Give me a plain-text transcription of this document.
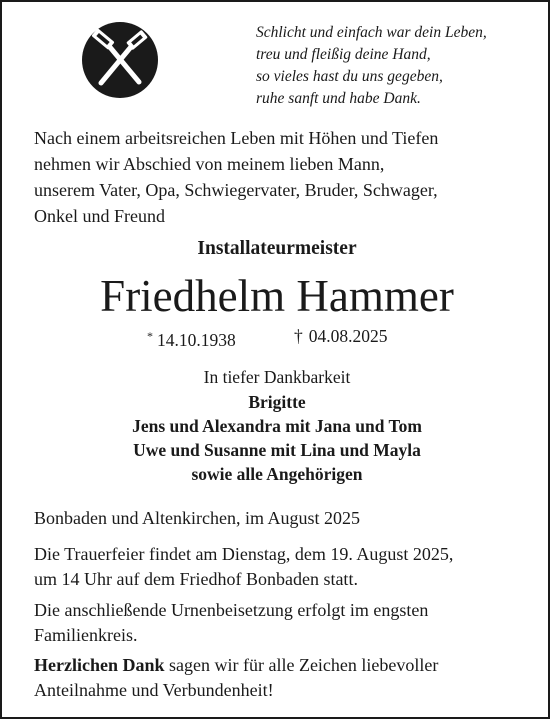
Schlicht und einfach war dein Leben,
treu und fleißig deine Hand,
so vieles hast du uns gegeben,
ruhe sanft und habe Dank.
Nach einem arbeitsreichen Leben mit Höhen und Tiefen
nehmen wir Abschied von meinem lieben Mann,
unserem Vater, Opa, Schwiegervater, Bruder, Schwager,
Onkel und Freund
Installateurmeister
Friedhelm Hammer
* 14.10.1938	† 04.08.2025
In tiefer Dankbarkeit
Brigitte
Jens und Alexandra mit Jana und Tom
Uwe und Susanne mit Lina und Mayla
sowie alle Angehörigen
Bonbaden und Altenkirchen, im August 2025
Die Trauerfeier findet am Dienstag, dem 19. August 2025,
um 14 Uhr auf dem Friedhof Bonbaden statt.
Die anschließende Urnenbeisetzung erfolgt im engsten
Familienkreis.
Herzlichen Dank sagen wir für alle Zeichen liebevoller
Anteilnahme und Verbundenheit!
